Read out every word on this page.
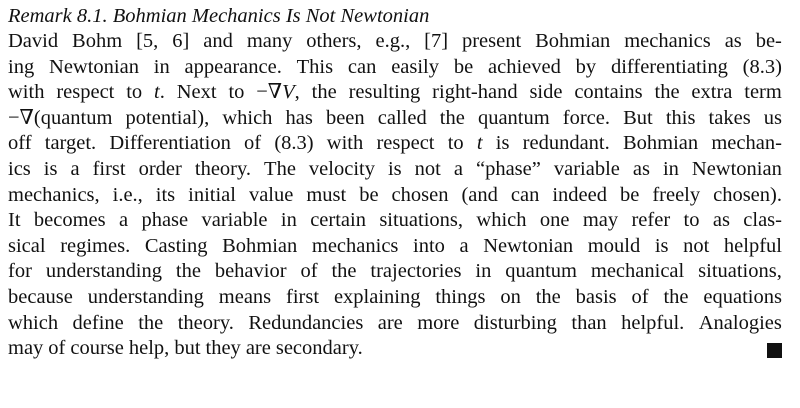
Remark 8.1. Bohmian Mechanics Is Not Newtonian
David Bohm [5, 6] and many others, e.g., [7] present Bohmian mechanics as be-
ing Newtonian in appearance. This can easily be achieved by differentiating (8.3)
with respect to t. Next to −∇V, the resulting right-hand side contains the extra term
−∇(quantum potential), which has been called the quantum force. But this takes us
off target. Differentiation of (8.3) with respect to t is redundant. Bohmian mechan-
ics is a first order theory. The velocity is not a “phase” variable as in Newtonian
mechanics, i.e., its initial value must be chosen (and can indeed be freely chosen).
It becomes a phase variable in certain situations, which one may refer to as clas-
sical regimes. Casting Bohmian mechanics into a Newtonian mould is not helpful
for understanding the behavior of the trajectories in quantum mechanical situations,
because understanding means first explaining things on the basis of the equations
which define the theory. Redundancies are more disturbing than helpful. Analogies
may of course help, but they are secondary.
